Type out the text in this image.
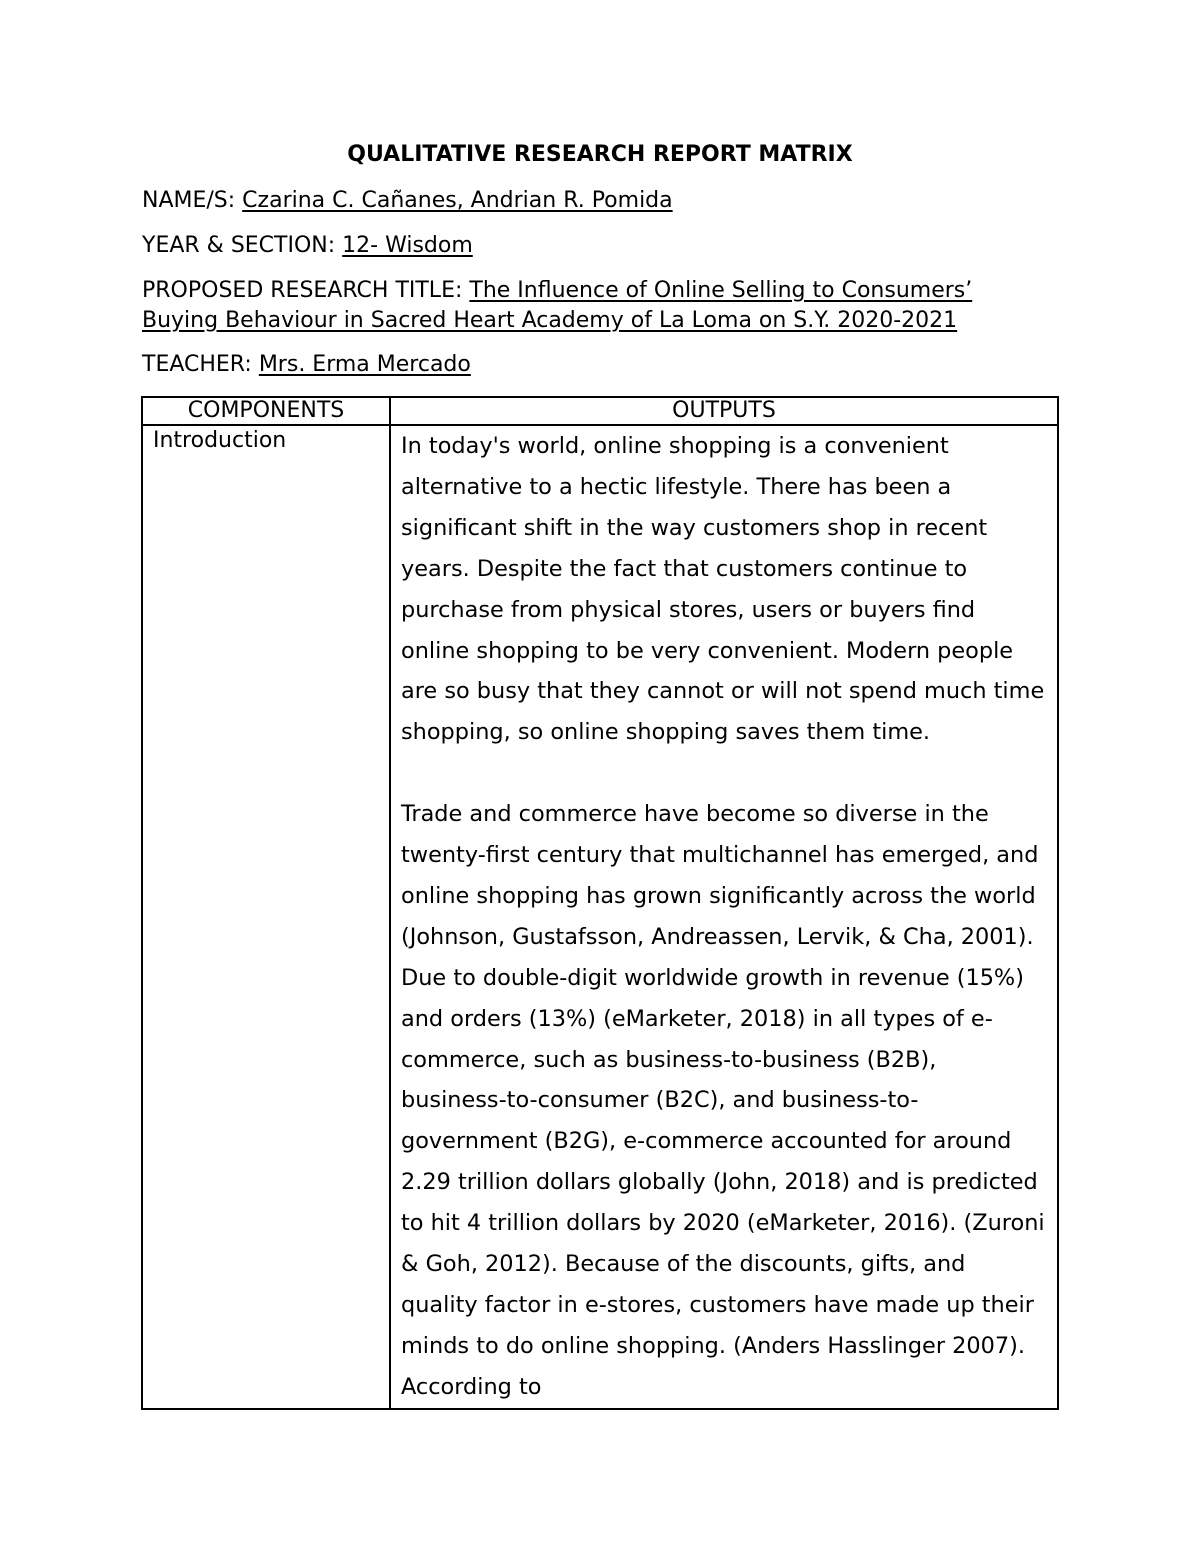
QUALITATIVE RESEARCH REPORT MATRIX

NAME/S: Czarina C. Cañanes, Andrian R. Pomida

YEAR & SECTION: 12- Wisdom

PROPOSED RESEARCH TITLE: The Influence of Online Selling to Consumers’

Buying Behaviour in Sacred Heart Academy of La Loma on S.Y. 2020-2021

TEACHER: Mrs. Erma Mercado

COMPONENTS	OUTPUTS
Introduction	In today's world, online shopping is a convenient alternative to a hectic lifestyle. There has been a significant shift in the way customers shop in recent years. Despite the fact that customers continue to purchase from physical stores, users or buyers find online shopping to be very convenient. Modern people are so busy that they cannot or will not spend much time shopping, so online shopping saves them time.

Trade and commerce have become so diverse in the twenty-first century that multichannel has emerged, and online shopping has grown significantly across the world (Johnson, Gustafsson, Andreassen, Lervik, & Cha, 2001). Due to double-digit worldwide growth in revenue (15%) and orders (13%) (eMarketer, 2018) in all types of e-commerce, such as business-to-business (B2B), business-to-consumer (B2C), and business-to-government (B2G), e-commerce accounted for around 2.29 trillion dollars globally (John, 2018) and is predicted to hit 4 trillion dollars by 2020 (eMarketer, 2016). (Zuroni & Goh, 2012). Because of the discounts, gifts, and quality factor in e-stores, customers have made up their minds to do online shopping. (Anders Hasslinger 2007). According to
